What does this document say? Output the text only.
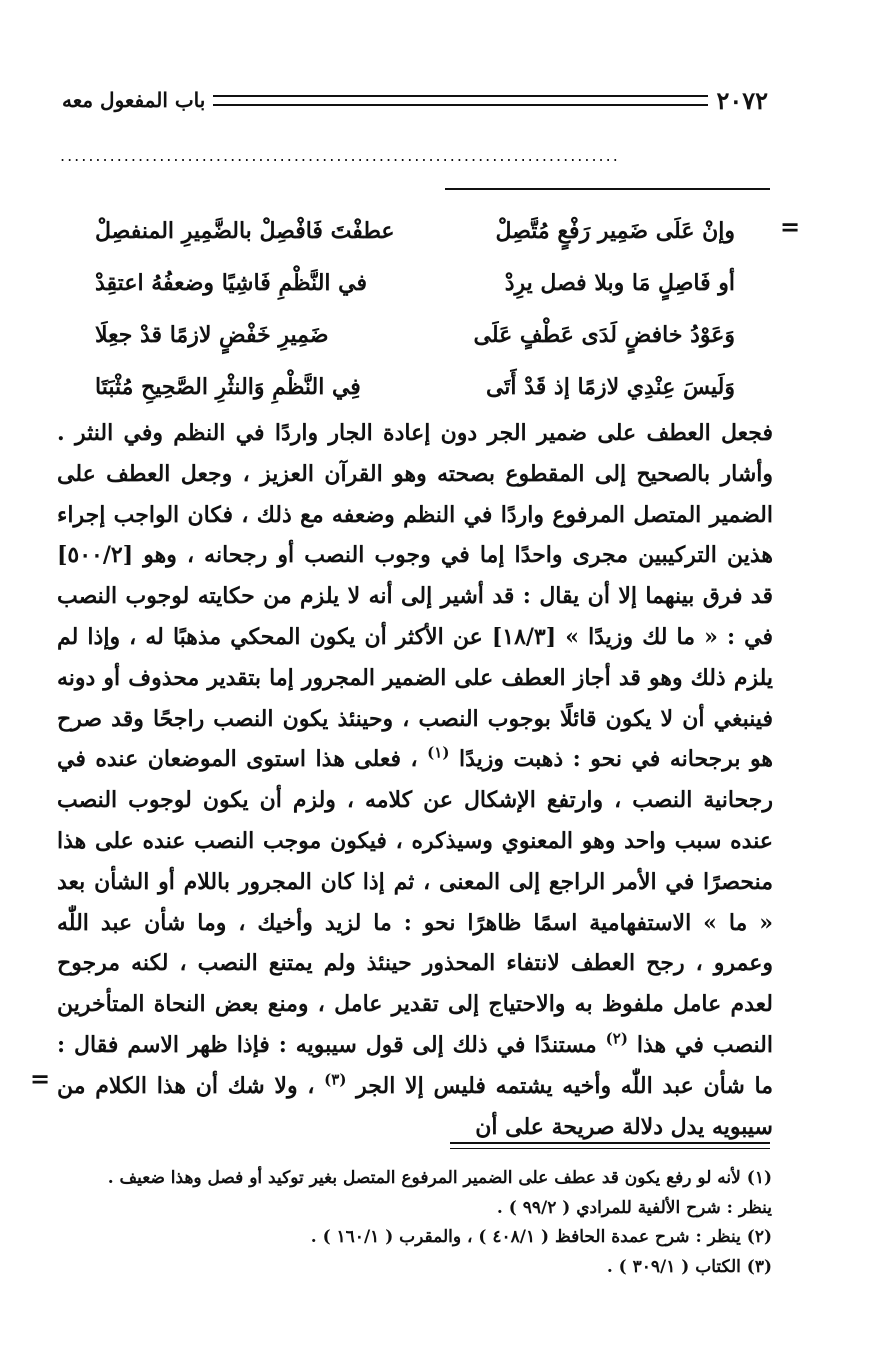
باب المفعول معه	٢٠٧٢
...............................................................................
=
وإنْ عَلَى ضَمِير رَفْعٍ مُتَّصِلْ
عطفْتَ فَافْصِلْ بالضَّمِيرِ المنفصِلْ
أو فَاصِلٍ مَا وبلا فصل يرِدْ
في النَّظْمِ فَاشِيًا وضعفُهُ اعتقِدْ
وَعَوْدُ خافضٍ لَدَى عَطْفٍ عَلَى
ضَمِيرِ خَفْضٍ لازمًا قدْ جعِلَا
وَلَيسَ عِنْدِي لازمًا إذ قَدْ أَتَى
فِي النَّظْمِ وَالنثْرِ الصَّحِيحِ مُثْبَتَا

فجعل العطف على ضمير الجر دون إعادة الجار واردًا في النظم وفي النثر . وأشار بالصحيح إلى المقطوع بصحته وهو القرآن العزيز ، وجعل العطف على الضمير المتصل المرفوع واردًا في النظم وضعفه مع ذلك ، فكان الواجب إجراء هذين التركيبين مجرى واحدًا إما في وجوب النصب أو رجحانه ، وهو [٥٠٠/٢] قد فرق بينهما إلا أن يقال : قد أشير إلى أنه لا يلزم من حكايته لوجوب النصب في : « ما لك وزيدًا » [١٨/٣] عن الأكثر أن يكون المحكي مذهبًا له ، وإذا لم يلزم ذلك وهو قد أجاز العطف على الضمير المجرور إما بتقدير محذوف أو دونه فينبغي أن لا يكون قائلًا بوجوب النصب ، وحينئذ يكون النصب راجحًا وقد صرح هو برجحانه في نحو : ذهبت وزيدًا $^{(١)}$ ، فعلى هذا استوى الموضعان عنده في رجحانية النصب ، وارتفع الإشكال عن كلامه ، ولزم أن يكون لوجوب النصب عنده سبب واحد وهو المعنوي وسيذكره ، فيكون موجب النصب عنده على هذا منحصرًا في الأمر الراجع إلى المعنى ، ثم إذا كان المجرور باللام أو الشأن بعد « ما » الاستفهامية اسمًا ظاهرًا نحو : ما لزيد وأخيك ، وما شأن عبد اللّٰه وعمرو ، رجح العطف لانتفاء المحذور حينئذ ولم يمتنع النصب ، لكنه مرجوح لعدم عامل ملفوظ به والاحتياج إلى تقدير عامل ، ومنع بعض النحاة المتأخرين النصب في هذا $^{(٢)}$ مستندًا في ذلك إلى قول سيبويه : فإذا ظهر الاسم فقال : ما شأن عبد اللّٰه وأخيه يشتمه فليس إلا الجر $^{(٣)}$ ، ولا شك أن هذا الكلام من سيبويه يدل دلالة صريحة على أن

=

(١) لأنه لو رفع يكون قد عطف على الضمير المرفوع المتصل بغير توكيد أو فصل وهذا ضعيف .

ينظر : شرح الألفية للمرادي ( ٩٩/٢ ) .

(٢) ينظر : شرح عمدة الحافظ ( ٤٠٨/١ ) ، والمقرب ( ١٦٠/١ ) .

(٣) الكتاب ( ٣٠٩/١ ) .
